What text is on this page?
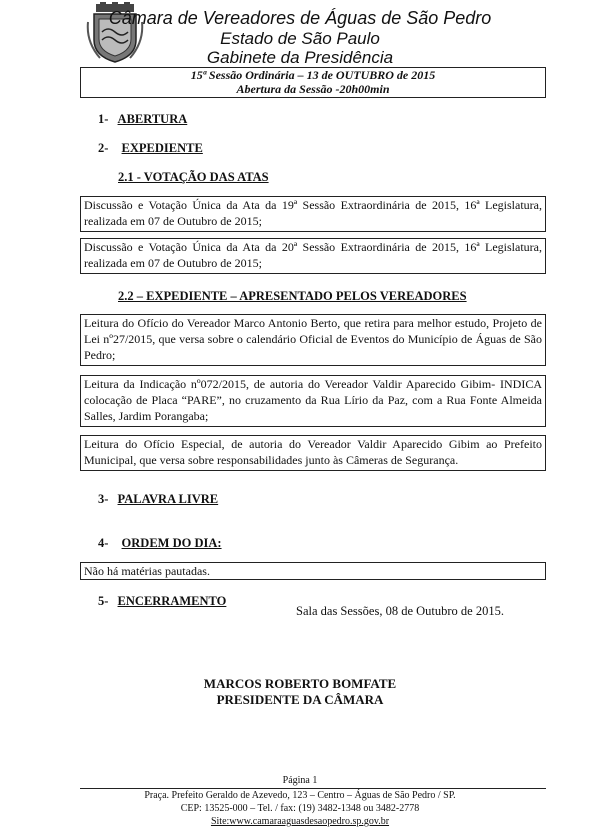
Câmara de Vereadores de Águas de São Pedro
Estado de São Paulo
Gabinete da Presidência
15ª Sessão Ordinária – 13 de OUTUBRO de 2015
Abertura da Sessão -20h00min
1- ABERTURA
2- EXPEDIENTE
2.1 - VOTAÇÃO DAS ATAS
Discussão e Votação Única da Ata da 19ª Sessão Extraordinária de 2015, 16ª Legislatura, realizada em 07 de Outubro de 2015;
Discussão e Votação Única da Ata da 20ª Sessão Extraordinária de 2015, 16ª Legislatura, realizada em 07 de Outubro de 2015;
2.2 – EXPEDIENTE – APRESENTADO PELOS VEREADORES
Leitura do Ofício do Vereador Marco Antonio Berto, que retira para melhor estudo, Projeto de Lei nº27/2015, que versa sobre o calendário Oficial de Eventos do Município de Águas de São Pedro;
Leitura da Indicação nº072/2015, de autoria do Vereador Valdir Aparecido Gibim- INDICA colocação de Placa “PARE”, no cruzamento da Rua Lírio da Paz, com a Rua Fonte Almeida Salles, Jardim Porangaba;
Leitura do Ofício Especial, de autoria do Vereador Valdir Aparecido Gibim ao Prefeito Municipal, que versa sobre responsabilidades junto às Câmeras de Segurança.
3- PALAVRA LIVRE
4- ORDEM DO DIA:
Não há matérias pautadas.
5- ENCERRAMENTO
Sala das Sessões, 08 de Outubro de 2015.
MARCOS ROBERTO BOMFATE
PRESIDENTE DA CÂMARA
Página 1
Praça. Prefeito Geraldo de Azevedo, 123 – Centro – Águas de São Pedro / SP.
CEP: 13525-000 – Tel. / fax: (19) 3482-1348 ou 3482-2778
Site:www.camaraaguasdesaopedro.sp.gov.br
